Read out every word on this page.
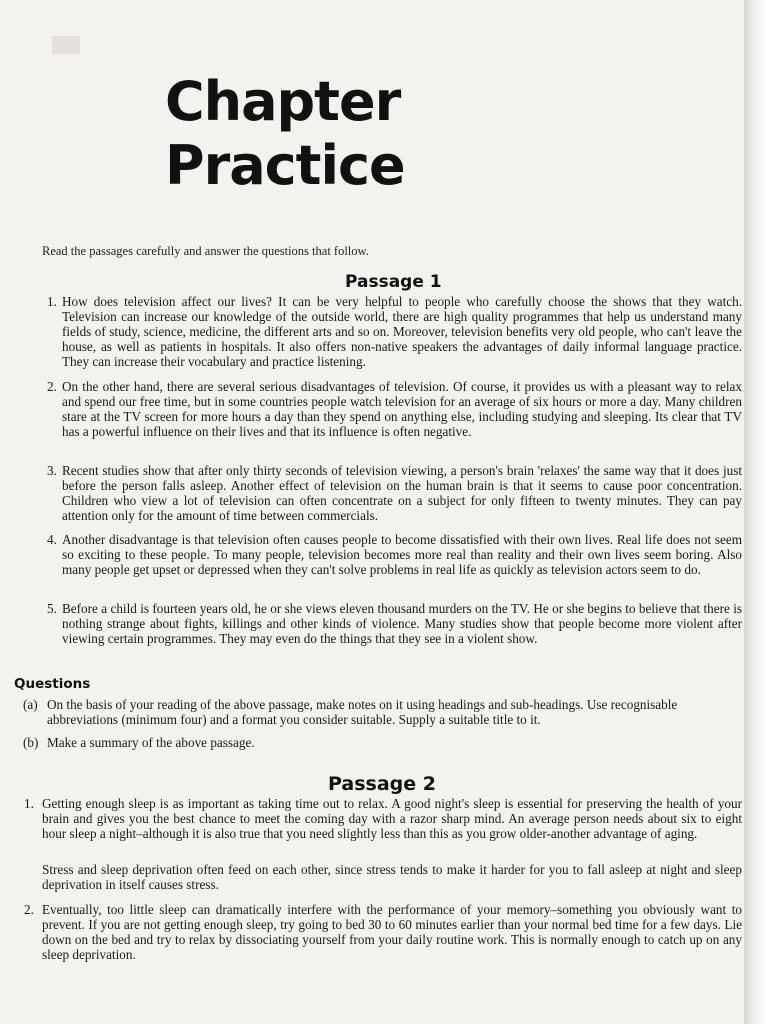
Chapter
Practice
Read the passages carefully and answer the questions that follow.
Passage 1
1. How does television affect our lives? It can be very helpful to people who carefully choose the shows that they watch. Television can increase our knowledge of the outside world, there are high quality programmes that help us understand many fields of study, science, medicine, the different arts and so on. Moreover, television benefits very old people, who can't leave the house, as well as patients in hospitals. It also offers non-native speakers the advantages of daily informal language practice. They can increase their vocabulary and practice listening.
2. On the other hand, there are several serious disadvantages of television. Of course, it provides us with a pleasant way to relax and spend our free time, but in some countries people watch television for an average of six hours or more a day. Many children stare at the TV screen for more hours a day than they spend on anything else, including studying and sleeping. Its clear that TV has a powerful influence on their lives and that its influence is often negative.
3. Recent studies show that after only thirty seconds of television viewing, a person's brain 'relaxes' the same way that it does just before the person falls asleep. Another effect of television on the human brain is that it seems to cause poor concentration. Children who view a lot of television can often concentrate on a subject for only fifteen to twenty minutes. They can pay attention only for the amount of time between commercials.
4. Another disadvantage is that television often causes people to become dissatisfied with their own lives. Real life does not seem so exciting to these people. To many people, television becomes more real than reality and their own lives seem boring. Also many people get upset or depressed when they can't solve problems in real life as quickly as television actors seem to do.
5. Before a child is fourteen years old, he or she views eleven thousand murders on the TV. He or she begins to believe that there is nothing strange about fights, killings and other kinds of violence. Many studies show that people become more violent after viewing certain programmes. They may even do the things that they see in a violent show.
Questions
(a) On the basis of your reading of the above passage, make notes on it using headings and sub-headings. Use recognisable abbreviations (minimum four) and a format you consider suitable. Supply a suitable title to it.
(b) Make a summary of the above passage.
Passage 2
1. Getting enough sleep is as important as taking time out to relax. A good night's sleep is essential for preserving the health of your brain and gives you the best chance to meet the coming day with a razor sharp mind. An average person needs about six to eight hour sleep a night–although it is also true that you need slightly less than this as you grow older-another advantage of aging.
Stress and sleep deprivation often feed on each other, since stress tends to make it harder for you to fall asleep at night and sleep deprivation in itself causes stress.
2. Eventually, too little sleep can dramatically interfere with the performance of your memory–something you obviously want to prevent. If you are not getting enough sleep, try going to bed 30 to 60 minutes earlier than your normal bed time for a few days. Lie down on the bed and try to relax by dissociating yourself from your daily routine work. This is normally enough to catch up on any sleep deprivation.
